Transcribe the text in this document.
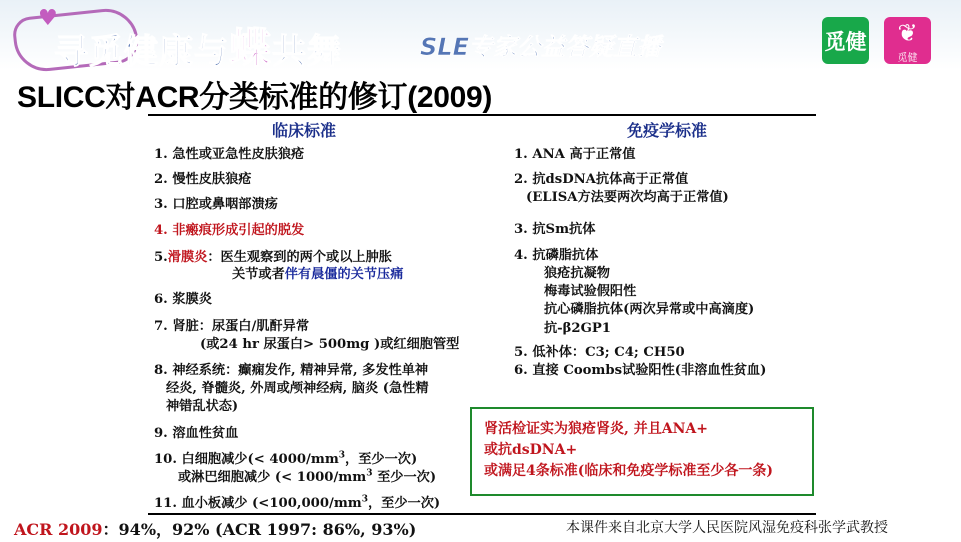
♥
寻觅健康与蝶共舞	SLE专家公益答疑直播	觅健	❦
觅健
SLICC对ACR分类标准的修订(2009)
临床标准
1. 急性或亚急性皮肤狼疮
2. 慢性皮肤狼疮
3. 口腔或鼻咽部溃疡
4. 非瘢痕形成引起的脱发
5.滑膜炎：医生观察到的两个或以上肿胀
关节或者伴有晨僵的关节压痛
6. 浆膜炎
7. 肾脏：尿蛋白/肌酐异常
(或24 hr 尿蛋白> 500mg )或红细胞管型
8. 神经系统：癫痫发作, 精神异常, 多发性单神
经炎, 脊髓炎, 外周或颅神经病, 脑炎 (急性精
神错乱状态)
9. 溶血性贫血
10. 白细胞减少(< $4000/mm^3$，至少一次)
或淋巴细胞减少 (< $1000/mm^3$ 至少一次)
11. 血小板减少 ($<100,000/mm^3$，至少一次)
免疫学标准
1. ANA 高于正常值
2. 抗dsDNA抗体高于正常值
(ELISA方法要两次均高于正常值)
3. 抗Sm抗体
4. 抗磷脂抗体
狼疮抗凝物
梅毒试验假阳性
抗心磷脂抗体(两次异常或中高滴度)
抗-β2GP1
5. 低补体：C3; C4; CH50
6. 直接 Coombs试验阳性(非溶血性贫血)
肾活检证实为狼疮肾炎, 并且ANA+
或抗dsDNA+
或满足4条标准(临床和免疫学标准至少各一条)
ACR 2009：94%，92% (ACR 1997: 86%, 93%)	本课件来自北京大学人民医院风湿免疫科张学武教授
